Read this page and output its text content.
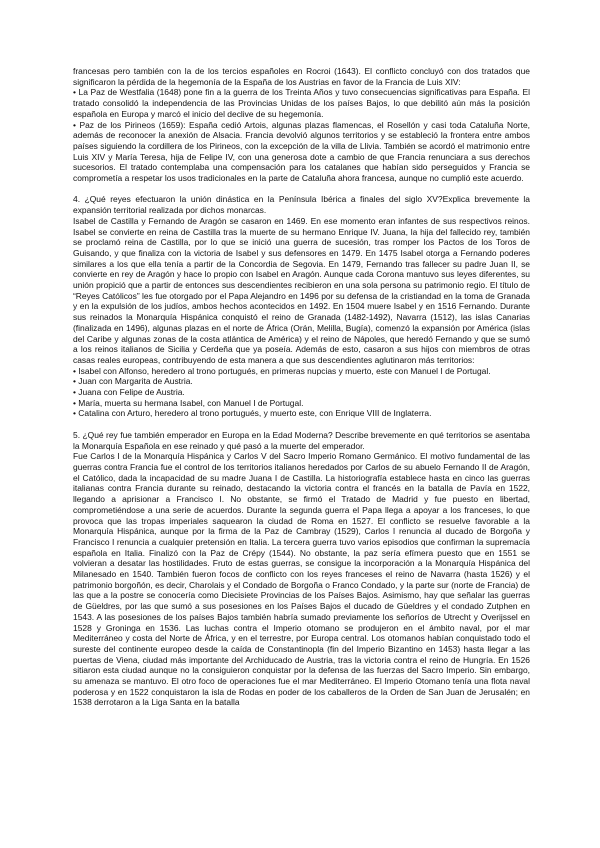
francesas pero también con la de los tercios españoles en Rocroi (1643). El conflicto concluyó con dos tratados que significaron la pérdida de la hegemonía de la España de los Austrias en favor de la Francia de Luis XIV:

• La Paz de Westfalia (1648) pone fin a la guerra de los Treinta Años y tuvo consecuencias significativas para España. El tratado consolidó la independencia de las Provincias Unidas de los países Bajos, lo que debilitó aún más la posición española en Europa y marcó el inicio del declive de su hegemonía.

• Paz de los Pirineos (1659): España cedió Artois, algunas plazas flamencas, el Rosellón y casi toda Cataluña Norte, además de reconocer la anexión de Alsacia. Francia devolvió algunos territorios y se estableció la frontera entre ambos países siguiendo la cordillera de los Pirineos, con la excepción de la villa de Llivia. También se acordó el matrimonio entre Luis XIV y María Teresa, hija de Felipe IV, con una generosa dote a cambio de que Francia renunciara a sus derechos sucesorios. El tratado contemplaba una compensación para los catalanes que habían sido perseguidos y Francia se comprometía a respetar los usos tradicionales en la parte de Cataluña ahora francesa, aunque no cumplió este acuerdo.

4. ¿Qué reyes efectuaron la unión dinástica en la Península Ibérica a finales del siglo XV?Explica brevemente la expansión territorial realizada por dichos monarcas.

Isabel de Castilla y Fernando de Aragón se casaron en 1469. En ese momento eran infantes de sus respectivos reinos. Isabel se convierte en reina de Castilla tras la muerte de su hermano Enrique IV. Juana, la hija del fallecido rey, también se proclamó reina de Castilla, por lo que se inició una guerra de sucesión, tras romper los Pactos de los Toros de Guisando, y que finaliza con la victoria de Isabel y sus defensores en 1479. En 1475 Isabel otorga a Fernando poderes similares a los que ella tenía a partir de la Concordia de Segovia. En 1479, Fernando tras fallecer su padre Juan II, se convierte en rey de Aragón y hace lo propio con Isabel en Aragón. Aunque cada Corona mantuvo sus leyes diferentes, su unión propició que a partir de entonces sus descendientes recibieron en una sola persona su patrimonio regio. El título de “Reyes Católicos” les fue otorgado por el Papa Alejandro en 1496 por su defensa de la cristiandad en la toma de Granada y en la expulsión de los judíos, ambos hechos acontecidos en 1492. En 1504 muere Isabel y en 1516 Fernando. Durante sus reinados la Monarquía Hispánica conquistó el reino de Granada (1482-1492), Navarra (1512), las islas Canarias (finalizada en 1496), algunas plazas en el norte de África (Orán, Melilla, Bugía), comenzó la expansión por América (islas del Caribe y algunas zonas de la costa atlántica de América) y el reino de Nápoles, que heredó Fernando y que se sumó a los reinos italianos de Sicilia y Cerdeña que ya poseía. Además de esto, casaron a sus hijos con miembros de otras casas reales europeas, contribuyendo de esta manera a que sus descendientes aglutinaron más territorios:

• Isabel con Alfonso, heredero al trono portugués, en primeras nupcias y muerto, este con Manuel I de Portugal.

• Juan con Margarita de Austria.

• Juana con Felipe de Austria.

• María, muerta su hermana Isabel, con Manuel I de Portugal.

• Catalina con Arturo, heredero al trono portugués, y muerto este, con Enrique VIII de Inglaterra.

5. ¿Qué rey fue también emperador en Europa en la Edad Moderna? Describe brevemente en qué territorios se asentaba la Monarquía Española en ese reinado y qué pasó a la muerte del emperador.

Fue Carlos I de la Monarquía Hispánica y Carlos V del Sacro Imperio Romano Germánico. El motivo fundamental de las guerras contra Francia fue el control de los territorios italianos heredados por Carlos de su abuelo Fernando II de Aragón, el Católico, dada la incapacidad de su madre Juana I de Castilla. La historiografía establece hasta en cinco las guerras italianas contra Francia durante su reinado, destacando la victoria contra el francés en la batalla de Pavía en 1522, llegando a aprisionar a Francisco I. No obstante, se firmó el Tratado de Madrid y fue puesto en libertad, comprometiéndose a una serie de acuerdos. Durante la segunda guerra el Papa llega a apoyar a los franceses, lo que provoca que las tropas imperiales saquearon la ciudad de Roma en 1527. El conflicto se resuelve favorable a la Monarquía Hispánica, aunque por la firma de la Paz de Cambray (1529), Carlos I renuncia al ducado de Borgoña y Francisco I renuncia a cualquier pretensión en Italia. La tercera guerra tuvo varios episodios que confirman la supremacía española en Italia. Finalizó con la Paz de Crépy (1544). No obstante, la paz sería efímera puesto que en 1551 se volvieran a desatar las hostilidades. Fruto de estas guerras, se consigue la incorporación a la Monarquía Hispánica del Milanesado en 1540. También fueron focos de conflicto con los reyes franceses el reino de Navarra (hasta 1526) y el patrimonio borgoñón, es decir, Charolais y el Condado de Borgoña o Franco Condado, y la parte sur (norte de Francia) de las que a la postre se conocería como Diecisiete Provincias de los Países Bajos. Asimismo, hay que señalar las guerras de Güeldres, por las que sumó a sus posesiones en los Países Bajos el ducado de Güeldres y el condado Zutphen en 1543. A las posesiones de los países Bajos también habría sumado previamente los señoríos de Utrecht y Overijssel en 1528 y Groninga en 1536. Las luchas contra el Imperio otomano se produjeron en el ámbito naval, por el mar Mediterráneo y costa del Norte de África, y en el terrestre, por Europa central. Los otomanos habían conquistado todo el sureste del continente europeo desde la caída de Constantinopla (fin del Imperio Bizantino en 1453) hasta llegar a las puertas de Viena, ciudad más importante del Archiducado de Austria, tras la victoria contra el reino de Hungría. En 1526 sitiaron esta ciudad aunque no la consiguieron conquistar por la defensa de las fuerzas del Sacro Imperio. Sin embargo, su amenaza se mantuvo. El otro foco de operaciones fue el mar Mediterráneo. El Imperio Otomano tenía una flota naval poderosa y en 1522 conquistaron la isla de Rodas en poder de los caballeros de la Orden de San Juan de Jerusalén; en 1538 derrotaron a la Liga Santa en la batalla
